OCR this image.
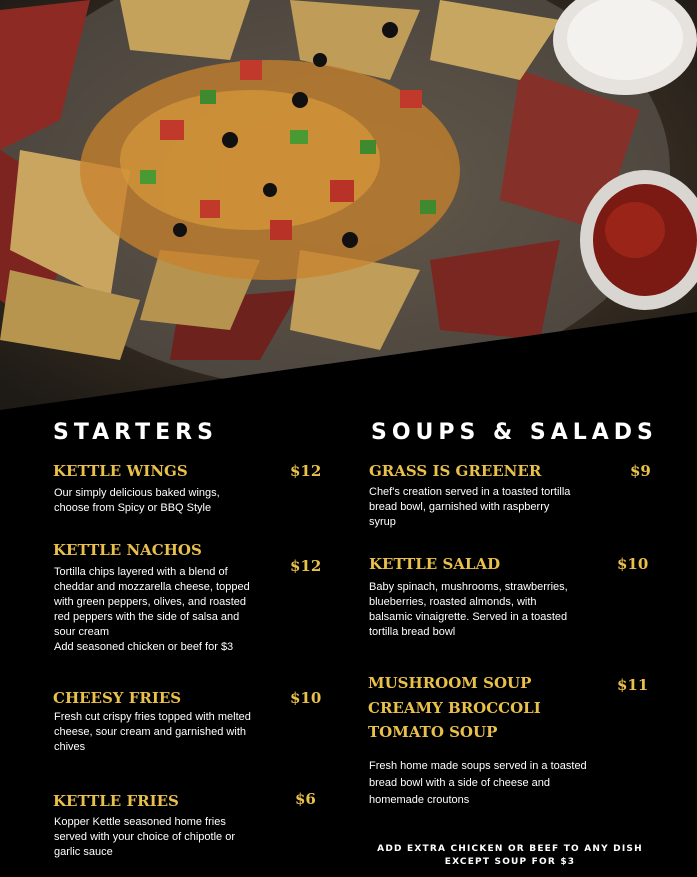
STARTERS
KETTLE WINGS	$12
Our simply delicious baked wings,
choose from Spicy or BBQ Style
KETTLE NACHOS
$12
Tortilla chips layered with a blend of
cheddar and mozzarella cheese, topped
with green peppers, olives, and roasted
red peppers with the side of salsa and
sour cream
Add seasoned chicken or beef for $3
CHEESY FRIES	$10
Fresh cut crispy fries topped with melted
cheese, sour cream and garnished with
chives
KETTLE FRIES	$6
Kopper Kettle seasoned home fries
served with your choice of chipotle or
garlic sauce
SOUPS & SALADS
GRASS IS GREENER	$9
Chef's creation served in a toasted tortilla
bread bowl, garnished with raspberry
syrup
KETTLE SALAD	$10
Baby spinach, mushrooms, strawberries,
blueberries, roasted almonds, with
balsamic vinaigrette. Served in a toasted
tortilla bread bowl
MUSHROOM SOUP	$11
CREAMY BROCCOLI
TOMATO SOUP
Fresh home made soups served in a toasted
bread bowl with a side of cheese and
homemade croutons
ADD EXTRA CHICKEN OR BEEF TO ANY DISH
EXCEPT SOUP FOR $3
